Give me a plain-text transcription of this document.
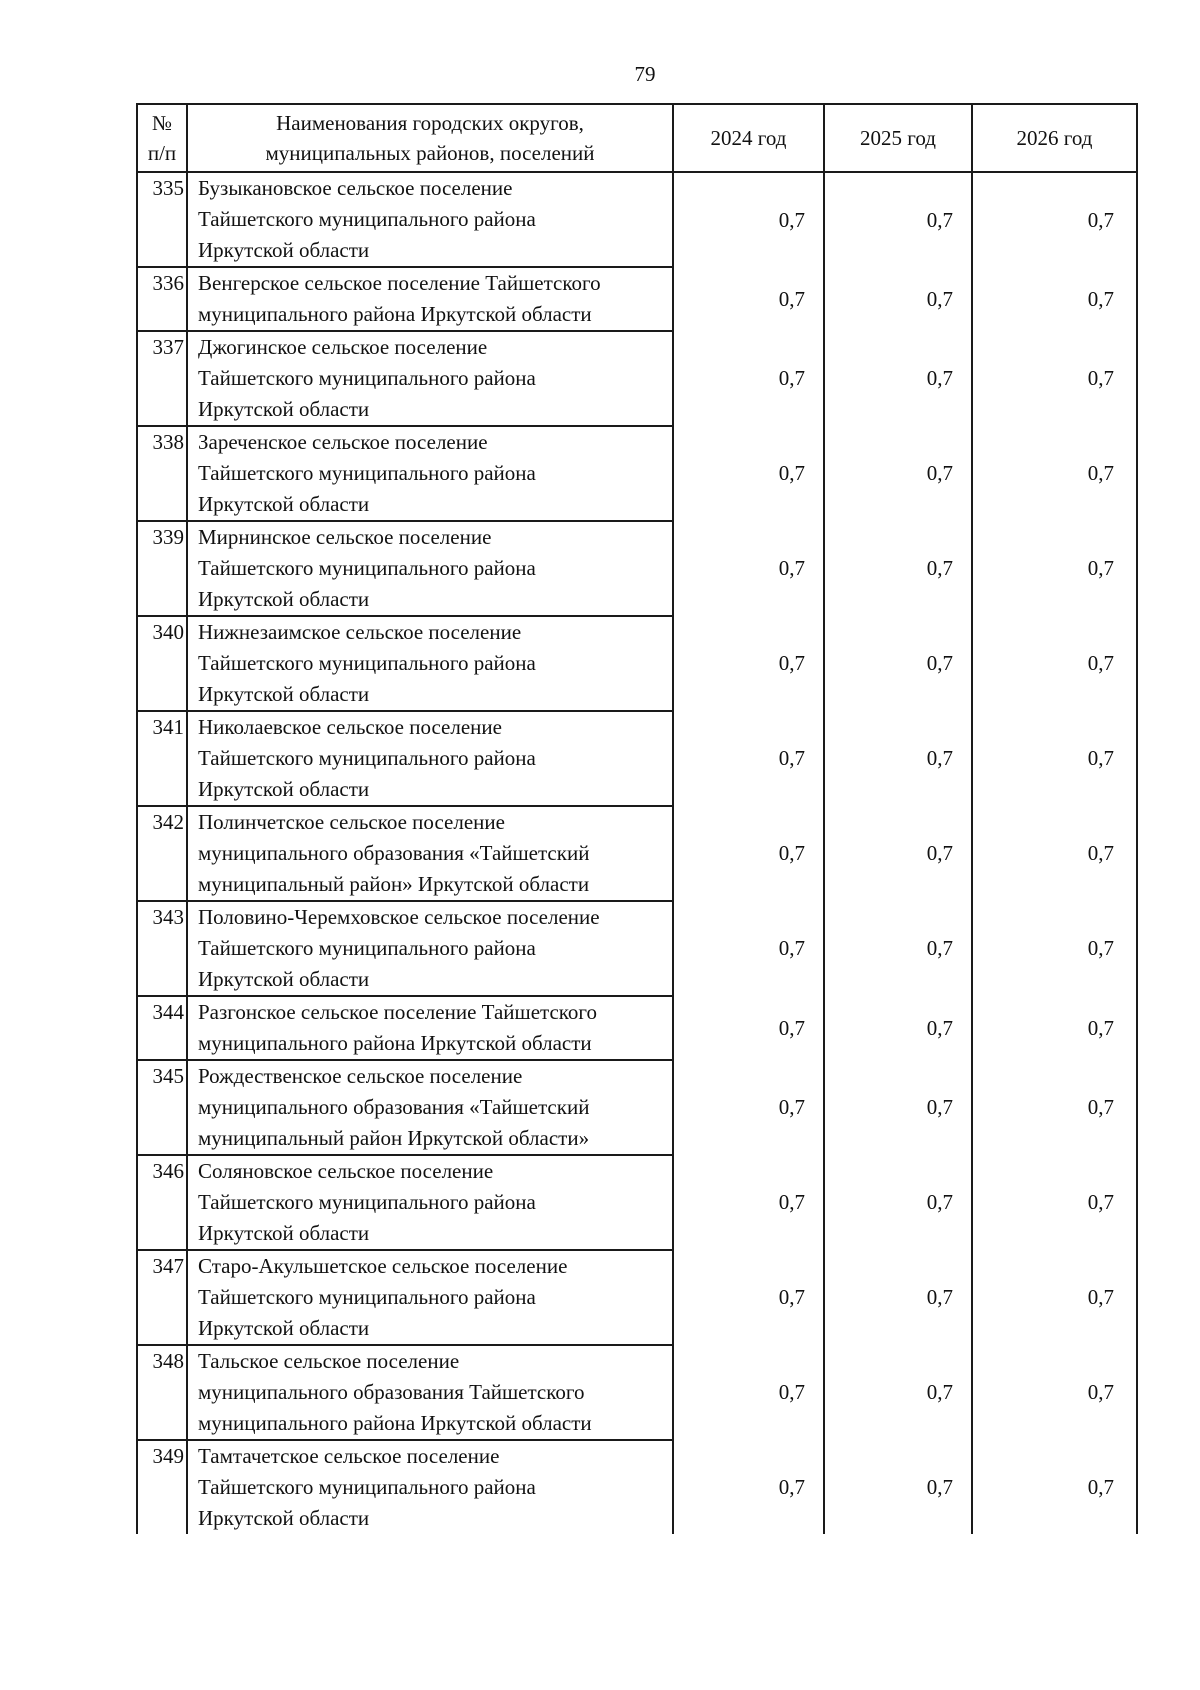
79
№
п/п	Наименования городских округов,
муниципальных районов, поселений	2024 год	2025 год	2026 год
335	Бузыкановское сельское поселение
Тайшетского муниципального района
Иркутской области	0,7	0,7	0,7
336	Венгерское сельское поселение Тайшетского
муниципального района Иркутской области	0,7	0,7	0,7
337	Джогинское сельское поселение
Тайшетского муниципального района
Иркутской области	0,7	0,7	0,7
338	Зареченское сельское поселение
Тайшетского муниципального района
Иркутской области	0,7	0,7	0,7
339	Мирнинское сельское поселение
Тайшетского муниципального района
Иркутской области	0,7	0,7	0,7
340	Нижнезаимское сельское поселение
Тайшетского муниципального района
Иркутской области	0,7	0,7	0,7
341	Николаевское сельское поселение
Тайшетского муниципального района
Иркутской области	0,7	0,7	0,7
342	Полинчетское сельское поселение
муниципального образования «Тайшетский
муниципальный район» Иркутской области	0,7	0,7	0,7
343	Половино-Черемховское сельское поселение
Тайшетского муниципального района
Иркутской области	0,7	0,7	0,7
344	Разгонское сельское поселение Тайшетского
муниципального района Иркутской области	0,7	0,7	0,7
345	Рождественское сельское поселение
муниципального образования «Тайшетский
муниципальный район Иркутской области»	0,7	0,7	0,7
346	Соляновское сельское поселение
Тайшетского муниципального района
Иркутской области	0,7	0,7	0,7
347	Старо-Акульшетское сельское поселение
Тайшетского муниципального района
Иркутской области	0,7	0,7	0,7
348	Тальское сельское поселение
муниципального образования Тайшетского
муниципального района Иркутской области	0,7	0,7	0,7
349	Тамтачетское сельское поселение
Тайшетского муниципального района
Иркутской области	0,7	0,7	0,7
